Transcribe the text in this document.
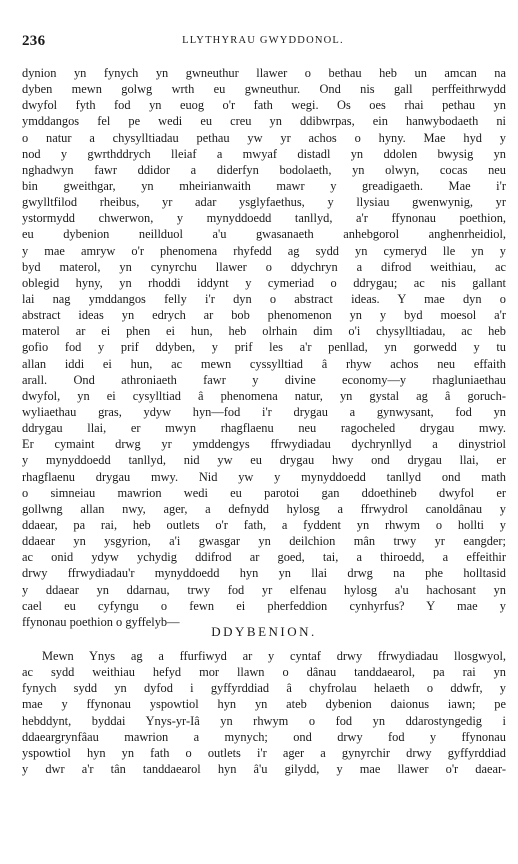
236	LLYTHYRAU GWYDDONOL.
dynion yn fynych yn gwneuthur llawer o bethau heb un amcan na
dyben mewn golwg wrth eu gwneuthur. Ond nis gall perffeithrwydd
dwyfol fyth fod yn euog o'r fath wegi. Os oes rhai pethau yn
ymddangos fel pe wedi eu creu yn ddibwrpas, ein hanwybodaeth ni
o natur a chysylltiadau pethau yw yr achos o hyny. Mae hyd y
nod y gwrthddrych lleiaf a mwyaf distadl yn ddolen bwysig yn
nghadwyn fawr ddidor a diderfyn bodolaeth, yn olwyn, cocas neu
bin gweithgar, yn mheirianwaith mawr y greadigaeth. Mae i'r
gwylltfilod rheibus, yr adar ysglyfaethus, y llysiau gwenwynig, yr
ystormydd chwerwon, y mynyddoedd tanllyd, a'r ffynonau poethion,
eu dybenion neillduol a'u gwasanaeth anhebgorol anghenrheidiol,
y mae amryw o'r phenomena rhyfedd ag sydd yn cymeryd lle yn y
byd materol, yn cynyrchu llawer o ddychryn a difrod weithiau, ac
oblegid hyny, yn rhoddi iddynt y cymeriad o ddrygau; ac nis gallant
lai nag ymddangos felly i'r dyn o abstract ideas. Y mae dyn o
abstract ideas yn edrych ar bob phenomenon yn y byd moesol a'r
materol ar ei phen ei hun, heb olrhain dim o'i chysylltiadau, ac heb
gofio fod y prif ddyben, y prif les a'r penllad, yn gorwedd y tu
allan iddi ei hun, ac mewn cyssylltiad â rhyw achos neu effaith
arall. Ond athroniaeth fawr y divine economy—y rhagluniaethau
dwyfol, yn ei cysylltiad â phenomena natur, yn gystal ag â goruch-
wyliaethau gras, ydyw hyn—fod i'r drygau a gynwysant, fod yn
ddrygau llai, er mwyn rhagflaenu neu ragocheled drygau mwy.
Er cymaint drwg yr ymddengys ffrwydiadau dychrynllyd a dinystriol
y mynyddoedd tanllyd, nid yw eu drygau hwy ond drygau llai, er
rhagflaenu drygau mwy. Nid yw y mynyddoedd tanllyd ond math
o simneiau mawrion wedi eu parotoi gan ddoethineb dwyfol er
gollwng allan nwy, ager, a defnydd hylosg a ffrwydrol canoldânau y
ddaear, pa rai, heb outlets o'r fath, a fyddent yn rhwym o hollti y
ddaear yn ysgyrion, a'i gwasgar yn deilchion mân trwy yr eangder;
ac onid ydyw ychydig ddifrod ar goed, tai, a thiroedd, a effeithir
drwy ffrwydiadau'r mynyddoedd hyn yn llai drwg na phe holltasid
y ddaear yn ddarnau, trwy fod yr elfenau hylosg a'u hachosant yn
cael eu cyfyngu o fewn ei pherfeddion cynhyrfus? Y mae y
ffynonau poethion o gyffelyb—
DDYBENION.
Mewn Ynys ag a ffurfiwyd ar y cyntaf drwy ffrwydiadau llosgwyol,
ac sydd weithiau hefyd mor llawn o dânau tanddaearol, pa rai yn
fynych sydd yn dyfod i gyffyrddiad â chyfrolau helaeth o ddwfr, y
mae y ffynonau yspowtiol hyn yn ateb dybenion daionus iawn; pe
hebddynt, byddai Ynys-yr-Iâ yn rhwym o fod yn ddarostyngedig i
ddaeargrynfâau mawrion a mynych; ond drwy fod y ffynonau
yspowtiol hyn yn fath o outlets i'r ager a gynyrchir drwy gyffyrddiad
y dwr a'r tân tanddaearol hyn â'u gilydd, y mae llawer o'r daear-
